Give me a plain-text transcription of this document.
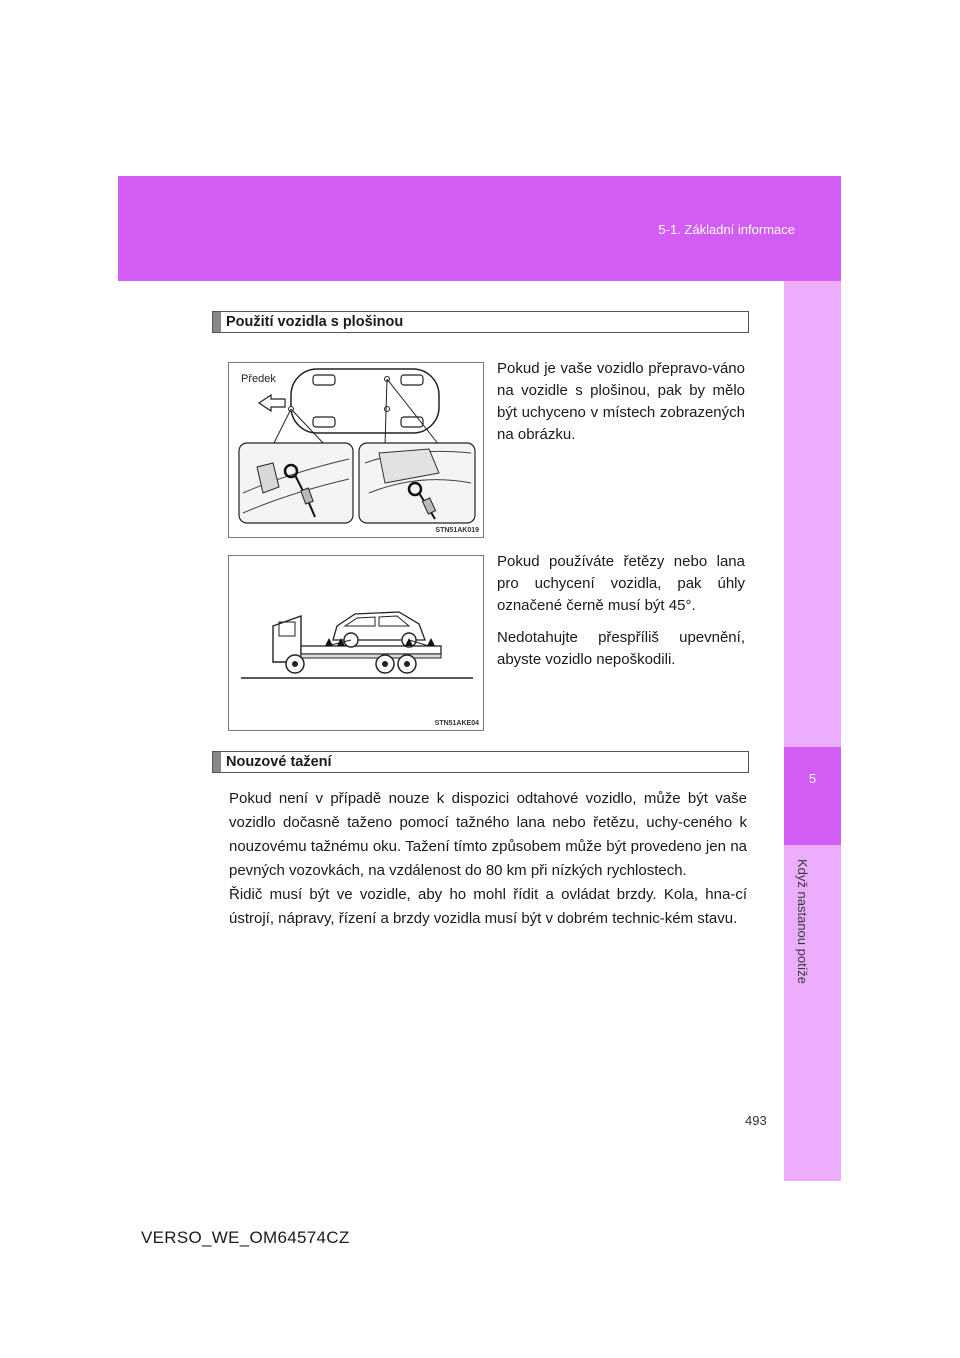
5-1. Základní informace
5
Když nastanou potíže
Použití vozidla s plošinou
Předek
STN51AK019

Pokud je vaše vozidlo přepravo-váno na vozidle s plošinou, pak by mělo být uchyceno v místech zobrazených na obrázku.

STN51AKE04

Pokud používáte řetězy nebo lana pro uchycení vozidla, pak úhly označené černě musí být 45°.

Nedotahujte přespříliš upevnění, abyste vozidlo nepoškodili.

Nouzové tažení

Pokud není v případě nouze k dispozici odtahové vozidlo, může být vaše vozidlo dočasně taženo pomocí tažného lana nebo řetězu, uchy-ceného k nouzovému tažnému oku. Tažení tímto způsobem může být provedeno jen na pevných vozovkách, na vzdálenost do 80 km při nízkých rychlostech.

Řidič musí být ve vozidle, aby ho mohl řídit a ovládat brzdy. Kola, hna-cí ústrojí, nápravy, řízení a brzdy vozidla musí být v dobrém technic-kém stavu.

493
VERSO_WE_OM64574CZ
